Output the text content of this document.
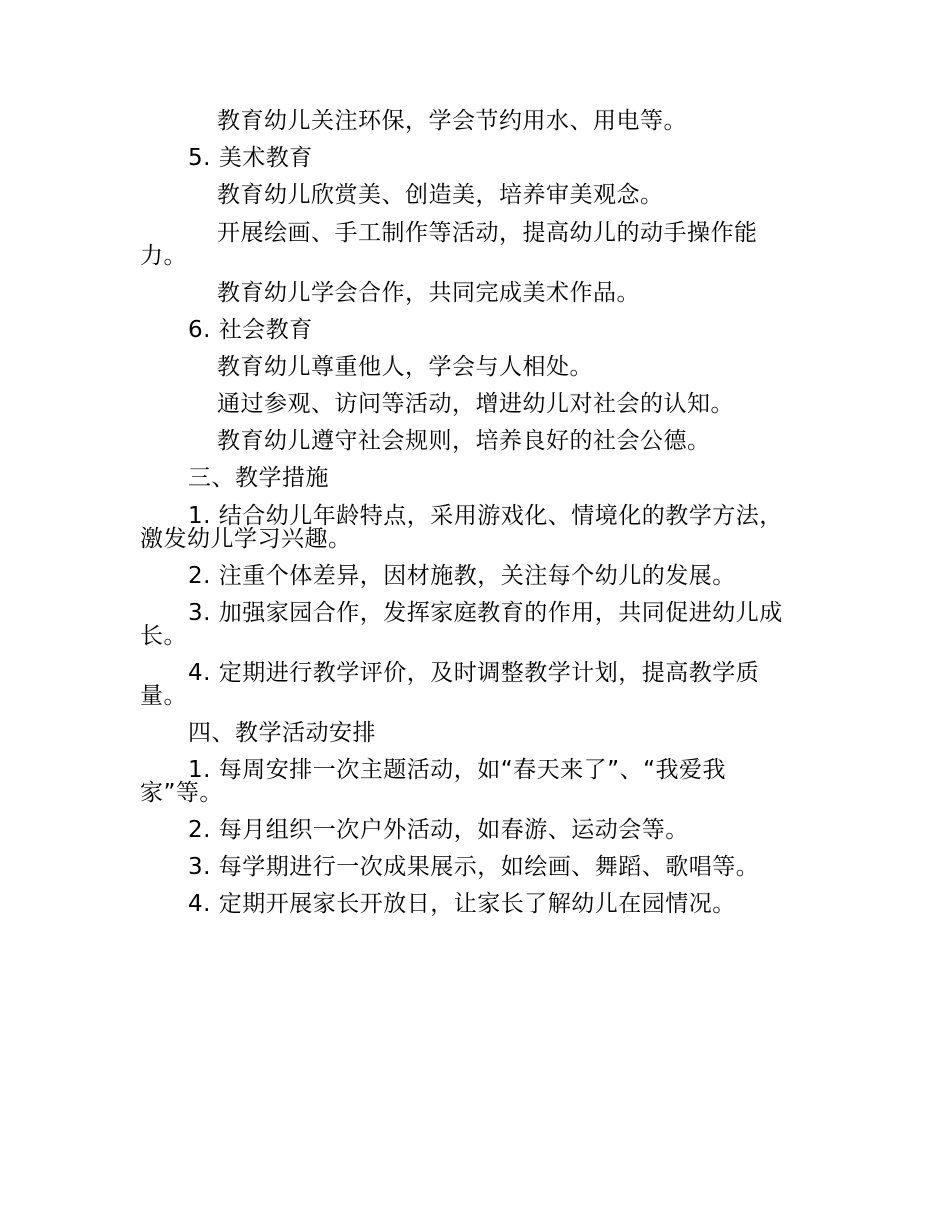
教育幼儿关注环保，学会节约用水、用电等。
5. 美术教育
教育幼儿欣赏美、创造美，培养审美观念。
开展绘画、手工制作等活动，提高幼儿的动手操作能
力。
教育幼儿学会合作，共同完成美术作品。
6. 社会教育
教育幼儿尊重他人，学会与人相处。
通过参观、访问等活动，增进幼儿对社会的认知。
教育幼儿遵守社会规则，培养良好的社会公德。
三、教学措施
1. 结合幼儿年龄特点，采用游戏化、情境化的教学方法，
激发幼儿学习兴趣。
2. 注重个体差异，因材施教，关注每个幼儿的发展。
3. 加强家园合作，发挥家庭教育的作用，共同促进幼儿成
长。
4. 定期进行教学评价，及时调整教学计划，提高教学质
量。
四、教学活动安排
1. 每周安排一次主题活动，如“春天来了”、“我爱我
家”等。
2. 每月组织一次户外活动，如春游、运动会等。
3. 每学期进行一次成果展示，如绘画、舞蹈、歌唱等。
4. 定期开展家长开放日，让家长了解幼儿在园情况。
